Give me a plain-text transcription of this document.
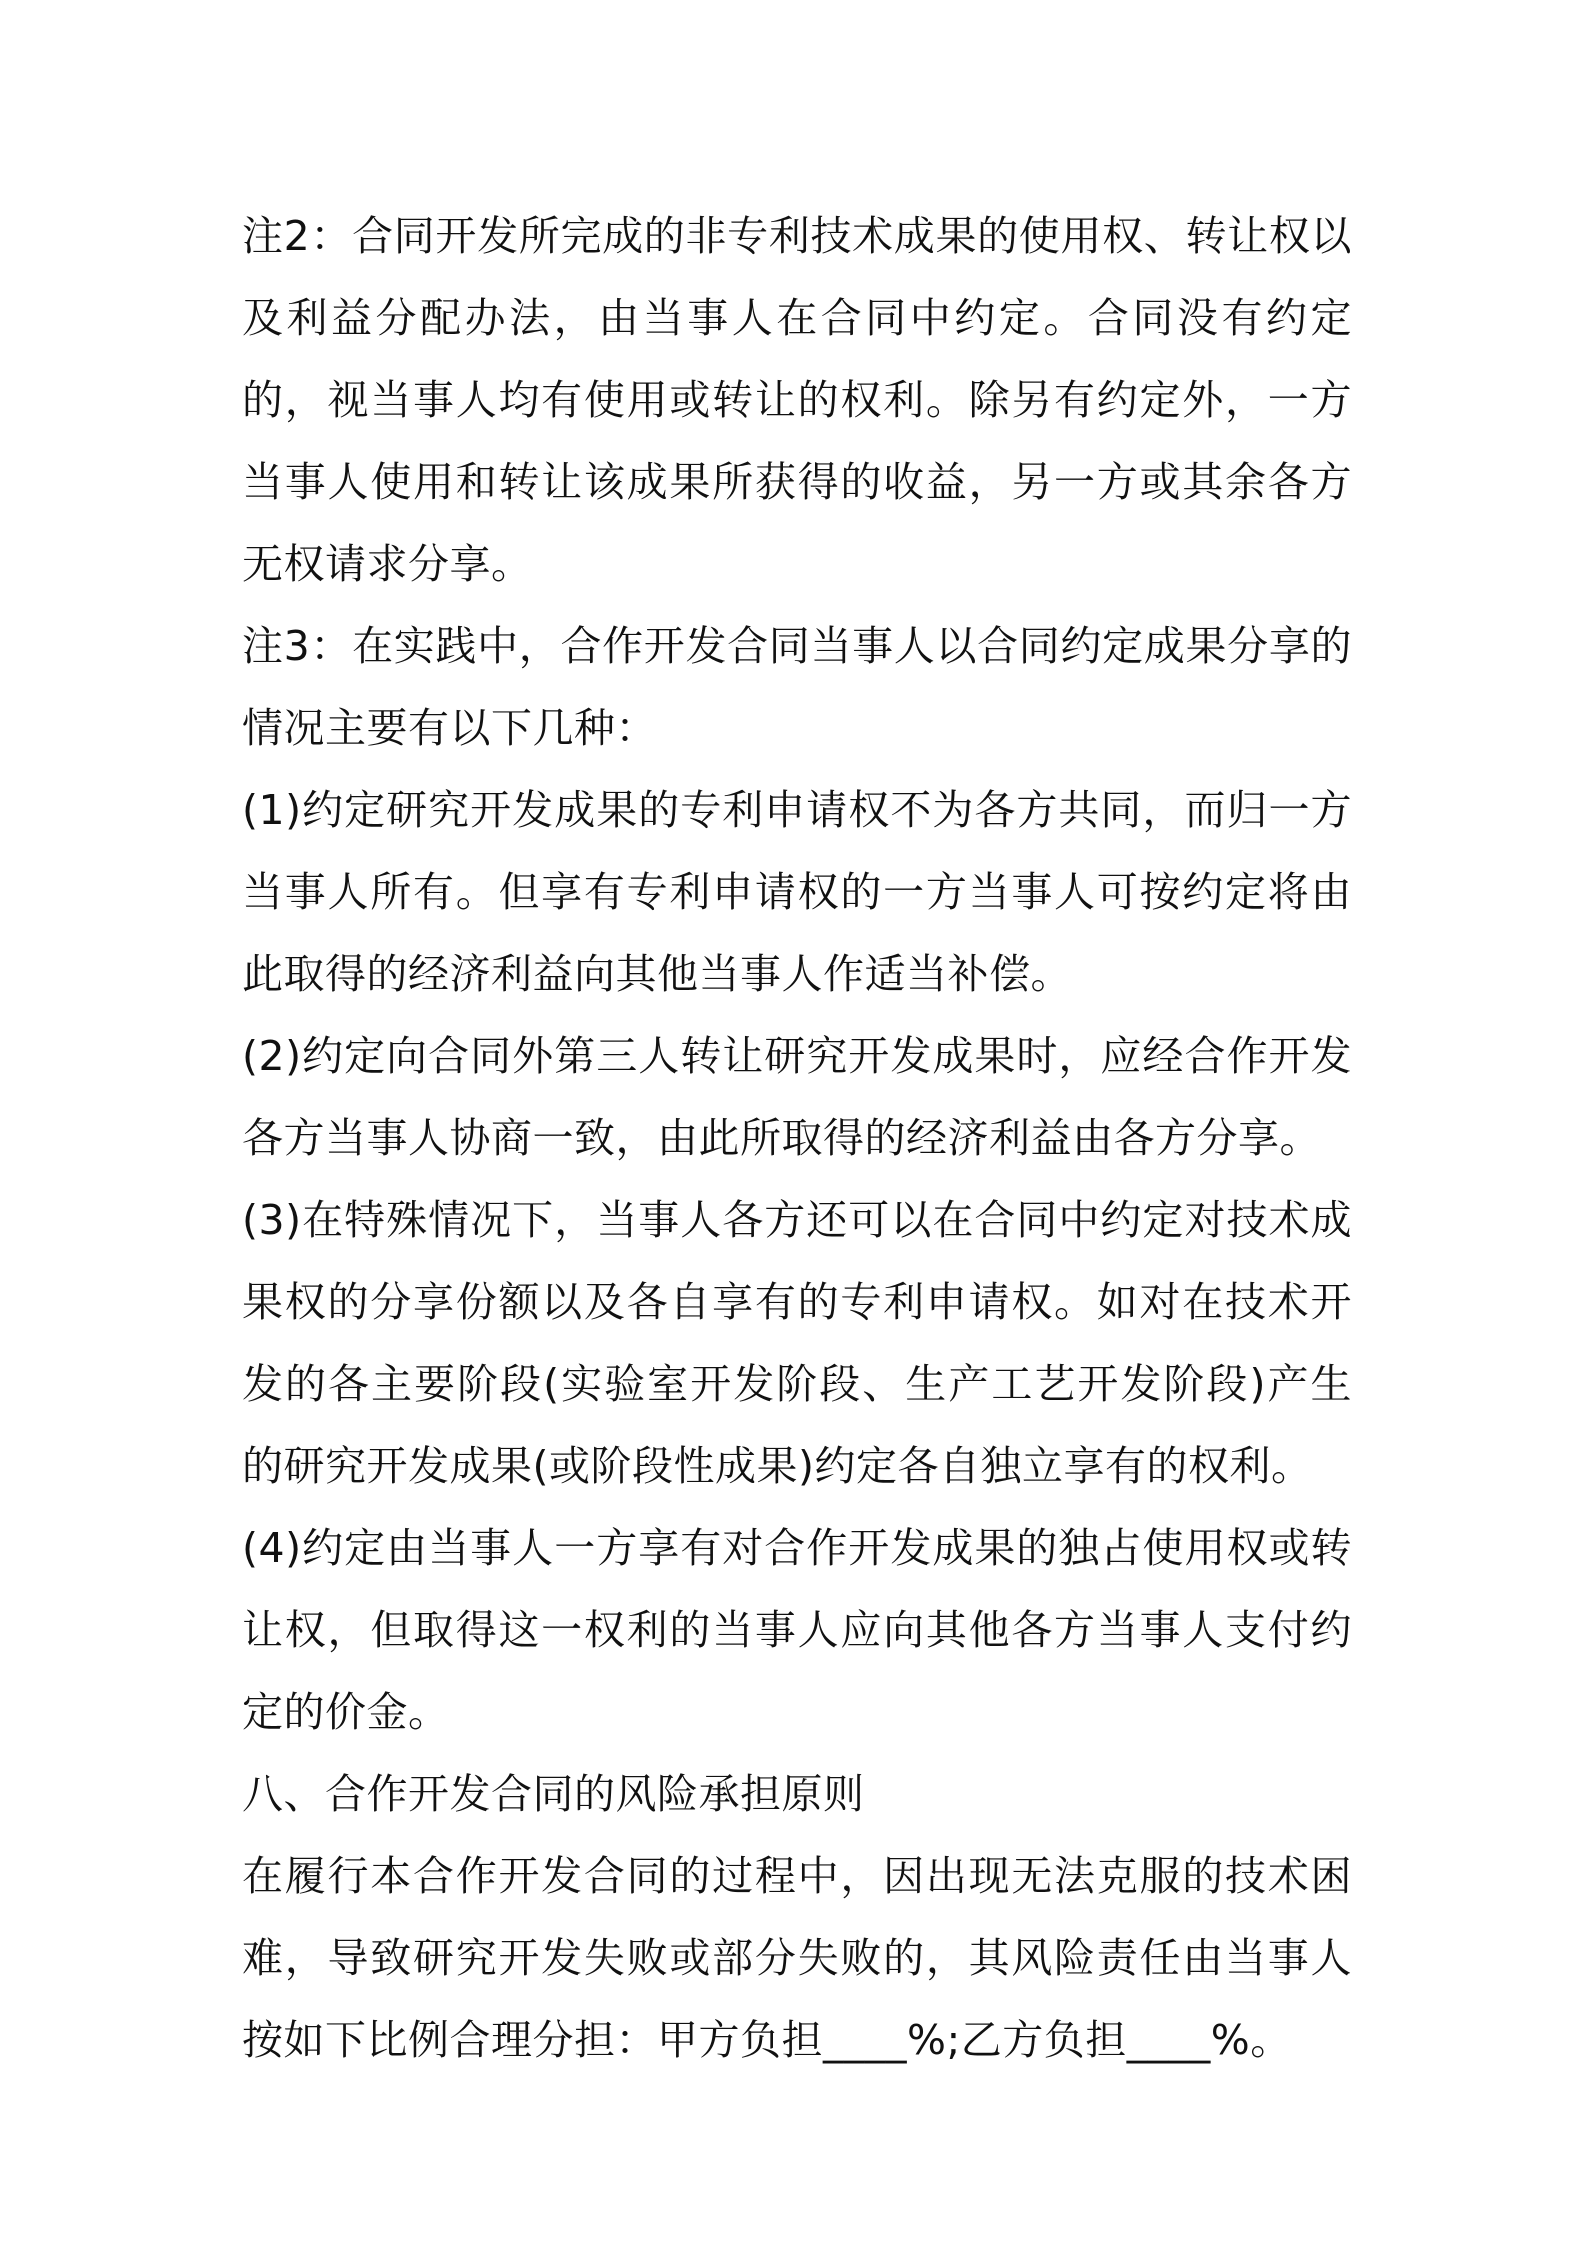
注2：合同开发所完成的非专利技术成果的使用权、转让权以及利益分配办法，由当事人在合同中约定。合同没有约定的，视当事人均有使用或转让的权利。除另有约定外，一方当事人使用和转让该成果所获得的收益，另一方或其余各方无权请求分享。

注3：在实践中，合作开发合同当事人以合同约定成果分享的情况主要有以下几种：

(1)约定研究开发成果的专利申请权不为各方共同，而归一方当事人所有。但享有专利申请权的一方当事人可按约定将由此取得的经济利益向其他当事人作适当补偿。

(2)约定向合同外第三人转让研究开发成果时，应经合作开发各方当事人协商一致，由此所取得的经济利益由各方分享。

(3)在特殊情况下，当事人各方还可以在合同中约定对技术成果权的分享份额以及各自享有的专利申请权。如对在技术开发的各主要阶段(实验室开发阶段、生产工艺开发阶段)产生的研究开发成果(或阶段性成果)约定各自独立享有的权利。

(4)约定由当事人一方享有对合作开发成果的独占使用权或转让权，但取得这一权利的当事人应向其他各方当事人支付约定的价金。

八、合作开发合同的风险承担原则

在履行本合作开发合同的过程中，因出现无法克服的技术困难，导致研究开发失败或部分失败的，其风险责任由当事人按如下比例合理分担：甲方负担____%;乙方负担____%。
